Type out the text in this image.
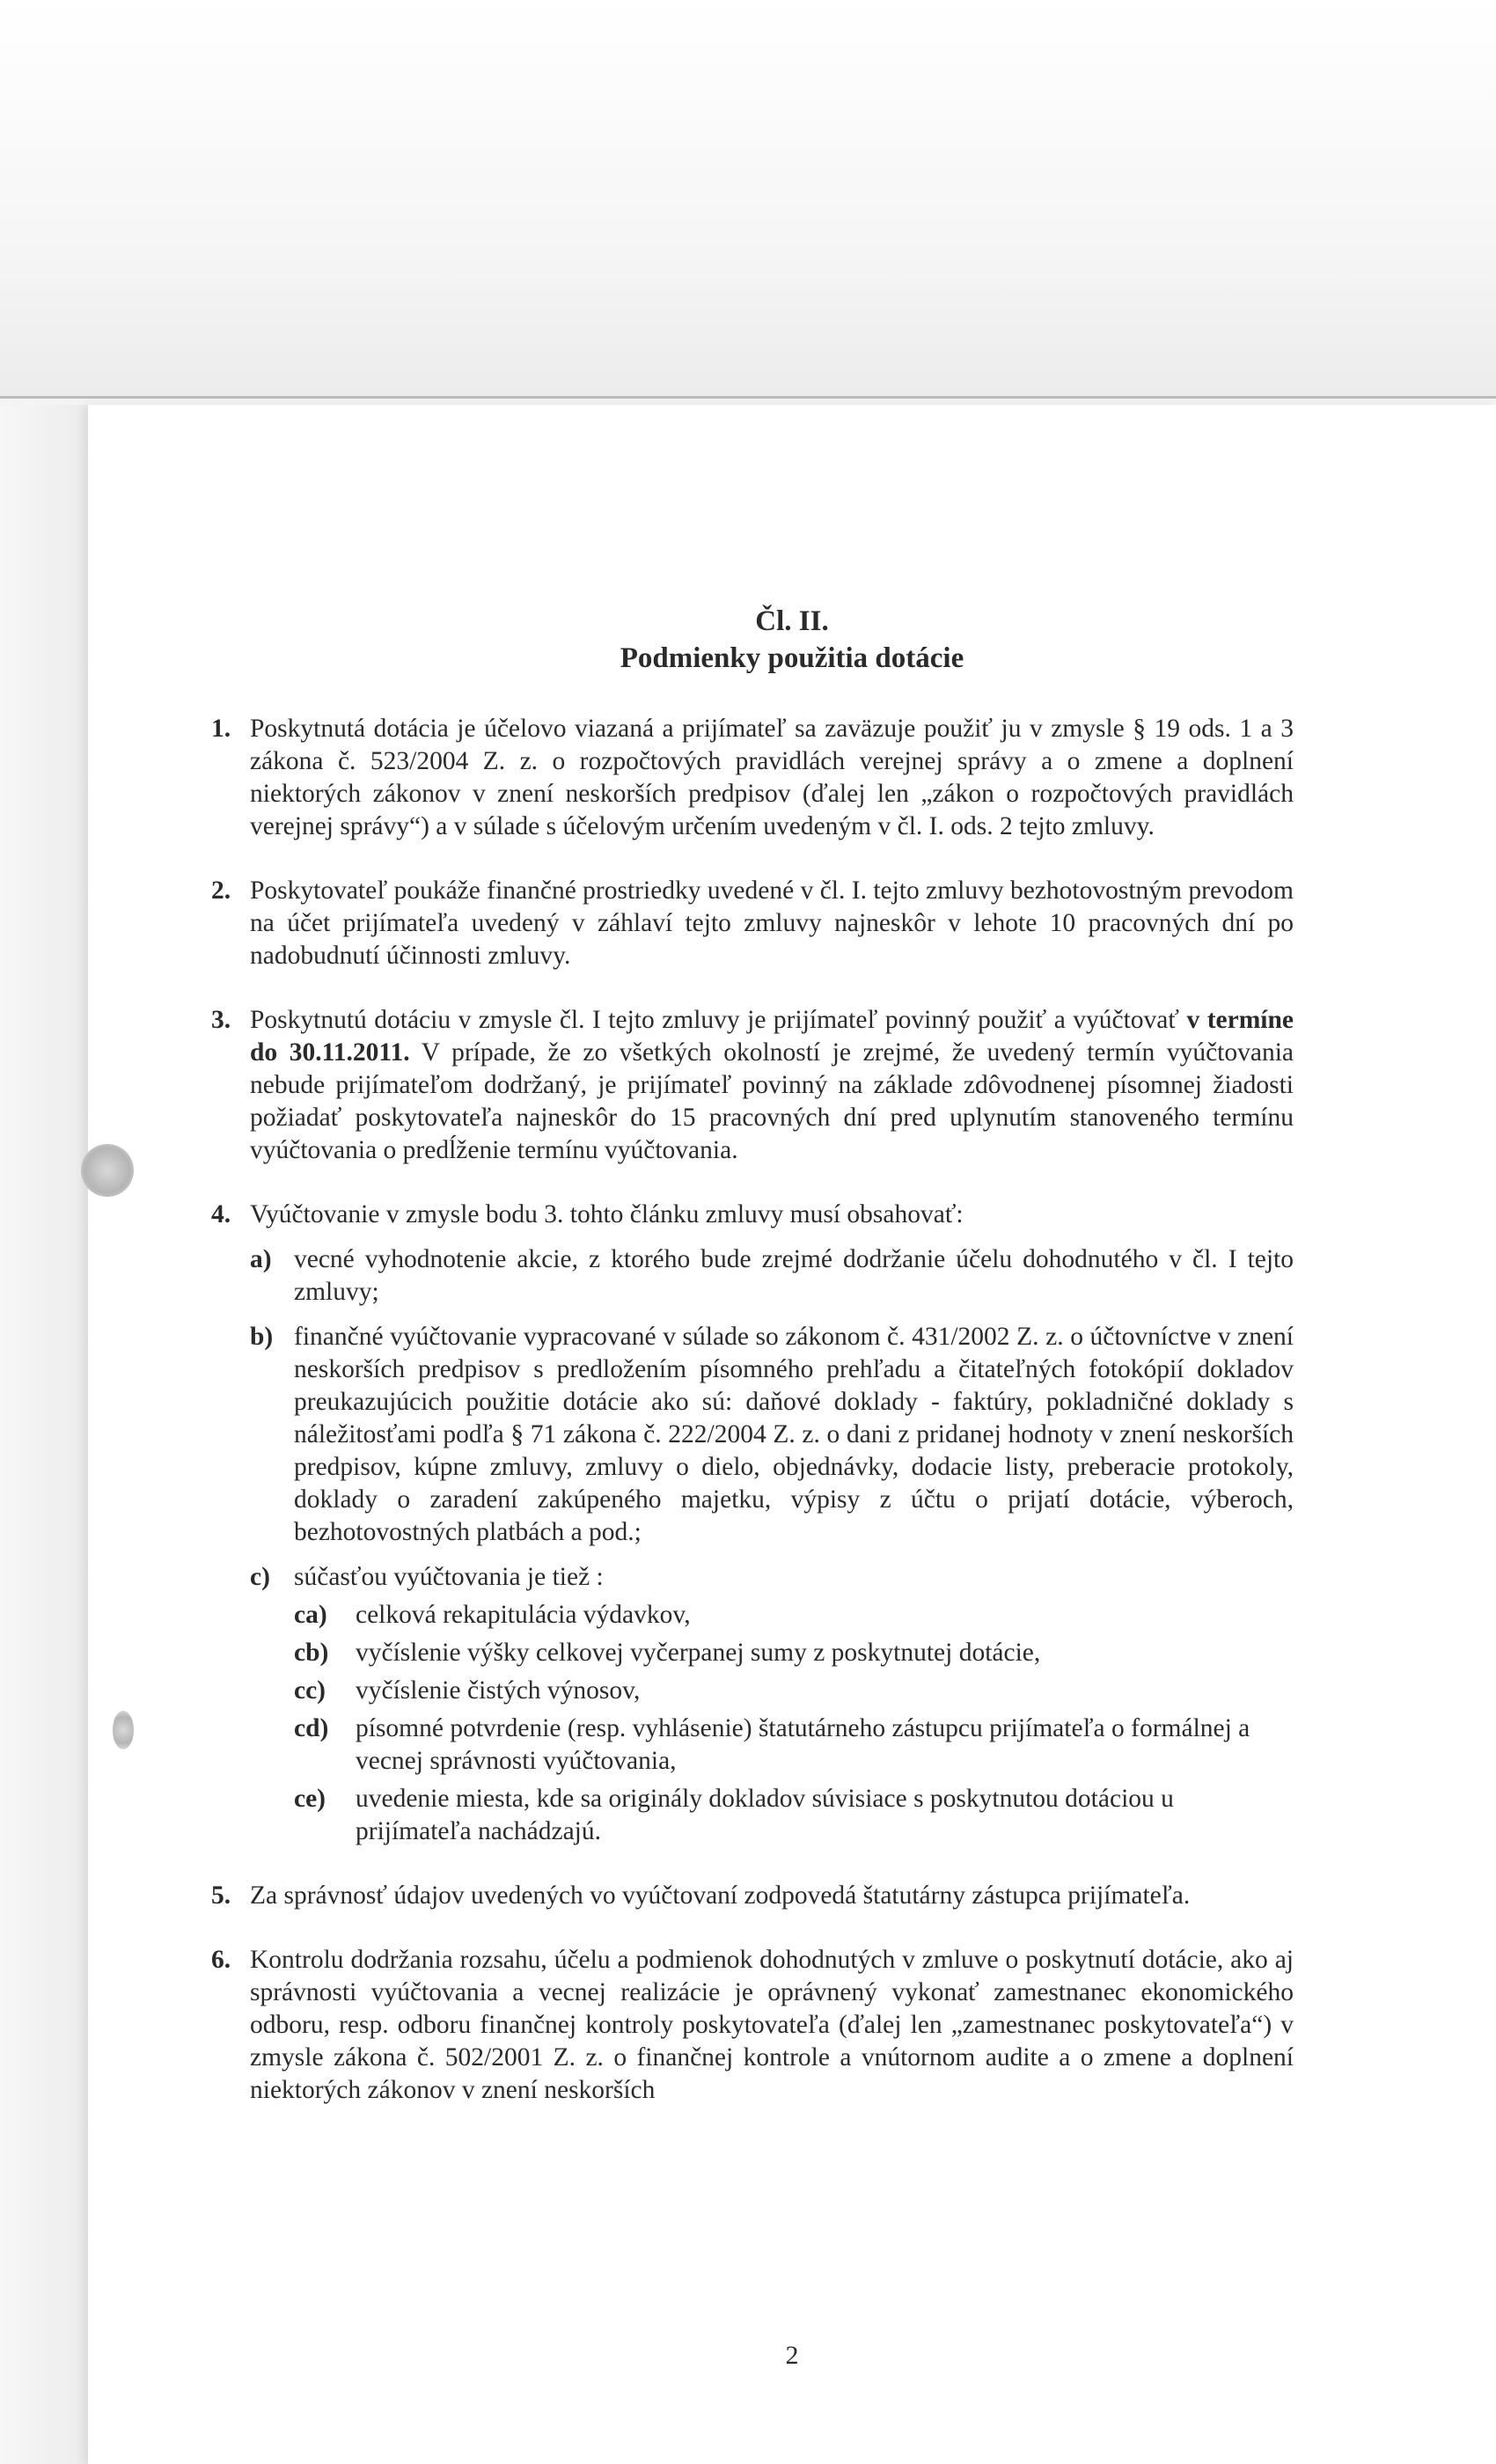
Čl. II.
Podmienky použitia dotácie
1. Poskytnutá dotácia je účelovo viazaná a prijímateľ sa zaväzuje použiť ju v zmysle § 19 ods. 1 a 3 zákona č. 523/2004 Z. z. o rozpočtových pravidlách verejnej správy a o zmene a doplnení niektorých zákonov v znení neskorších predpisov (ďalej len „zákon o rozpočtových pravidlách verejnej správy“) a v súlade s účelovým určením uvedeným v čl. I. ods. 2 tejto zmluvy.
2. Poskytovateľ poukáže finančné prostriedky uvedené v čl. I. tejto zmluvy bezhotovostným prevodom na účet prijímateľa uvedený v záhlaví tejto zmluvy najneskôr v lehote 10 pracovných dní po nadobudnutí účinnosti zmluvy.
3. Poskytnutú dotáciu v zmysle čl. I tejto zmluvy je prijímateľ povinný použiť a vyúčtovať v termíne do 30.11.2011. V prípade, že zo všetkých okolností je zrejmé, že uvedený termín vyúčtovania nebude prijímateľom dodržaný, je prijímateľ povinný na základe zdôvodnenej písomnej žiadosti požiadať poskytovateľa najneskôr do 15 pracovných dní pred uplynutím stanoveného termínu vyúčtovania o predĺženie termínu vyúčtovania.
4. Vyúčtovanie v zmysle bodu 3. tohto článku zmluvy musí obsahovať:
a) vecné vyhodnotenie akcie, z ktorého bude zrejmé dodržanie účelu dohodnutého v čl. I tejto zmluvy;
b) finančné vyúčtovanie vypracované v súlade so zákonom č. 431/2002 Z. z. o účtovníctve v znení neskorších predpisov s predložením písomného prehľadu a čitateľných fotokópií dokladov preukazujúcich použitie dotácie ako sú: daňové doklady - faktúry, pokladničné doklady s náležitosťami podľa § 71 zákona č. 222/2004 Z. z. o dani z pridanej hodnoty v znení neskorších predpisov, kúpne zmluvy, zmluvy o dielo, objednávky, dodacie listy, preberacie protokoly, doklady o zaradení zakúpeného majetku, výpisy z účtu o prijatí dotácie, výberoch, bezhotovostných platbách a pod.;
c) súčasťou vyúčtovania je tiež :
ca) celková rekapitulácia výdavkov,
cb) vyčíslenie výšky celkovej vyčerpanej sumy z poskytnutej dotácie,
cc) vyčíslenie čistých výnosov,
cd) písomné potvrdenie (resp. vyhlásenie) štatutárneho zástupcu prijímateľa o formálnej a vecnej správnosti vyúčtovania,
ce) uvedenie miesta, kde sa originály dokladov súvisiace s poskytnutou dotáciou u prijímateľa nachádzajú.
5. Za správnosť údajov uvedených vo vyúčtovaní zodpovedá štatutárny zástupca prijímateľa.
6. Kontrolu dodržania rozsahu, účelu a podmienok dohodnutých v zmluve o poskytnutí dotácie, ako aj správnosti vyúčtovania a vecnej realizácie je oprávnený vykonať zamestnanec ekonomického odboru, resp. odboru finančnej kontroly poskytovateľa (ďalej len „zamestnanec poskytovateľa“) v zmysle zákona č. 502/2001 Z. z. o finančnej kontrole a vnútornom audite a o zmene a doplnení niektorých zákonov v znení neskorších
2
